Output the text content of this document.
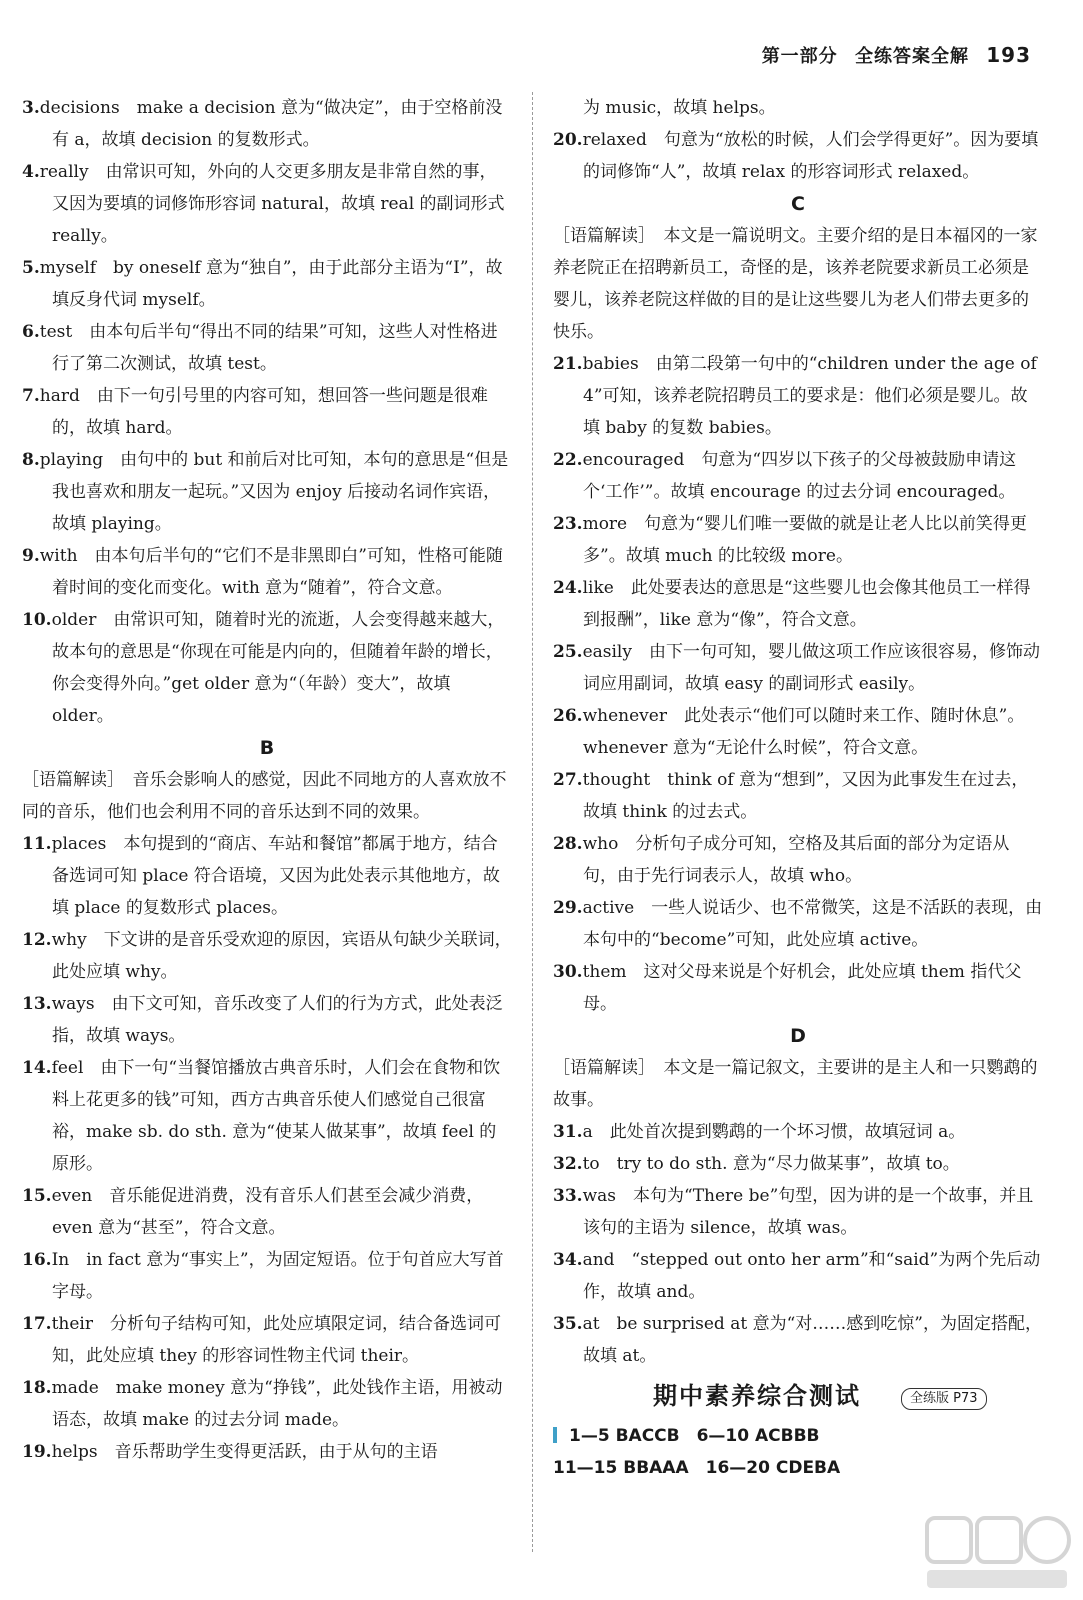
第一部分 全练答案全解 193

3.decisions　 make a decision 意为“做决定”，由于空格前没有 a，故填 decision 的复数形式。

4.really　 由常识可知，外向的人交更多朋友是非常自然的事，又因为要填的词修饰形容词 natural，故填 real 的副词形式 really。

5.myself　 by oneself 意为“独自”，由于此部分主语为“I”，故填反身代词 myself。

6.test　 由本句后半句“得出不同的结果”可知，这些人对性格进行了第二次测试，故填 test。

7.hard　 由下一句引号里的内容可知，想回答一些问题是很难的，故填 hard。

8.playing　 由句中的 but 和前后对比可知，本句的意思是“但是我也喜欢和朋友一起玩。”又因为 enjoy 后接动名词作宾语，故填 playing。

9.with　 由本句后半句的“它们不是非黑即白”可知，性格可能随着时间的变化而变化。with 意为“随着”，符合文意。

10.older　 由常识可知，随着时光的流逝，人会变得越来越大，故本句的意思是“你现在可能是内向的，但随着年龄的增长，你会变得外向。”get older 意为“（年龄）变大”，故填 older。

B

［语篇解读］　音乐会影响人的感觉，因此不同地方的人喜欢放不同的音乐，他们也会利用不同的音乐达到不同的效果。

11.places　 本句提到的“商店、车站和餐馆”都属于地方，结合备选词可知 place 符合语境，又因为此处表示其他地方，故填 place 的复数形式 places。

12.why　 下文讲的是音乐受欢迎的原因，宾语从句缺少关联词，此处应填 why。

13.ways　 由下文可知，音乐改变了人们的行为方式，此处表泛指，故填 ways。

14.feel　 由下一句“当餐馆播放古典音乐时，人们会在食物和饮料上花更多的钱”可知，西方古典音乐使人们感觉自己很富裕，make sb. do sth. 意为“使某人做某事”，故填 feel 的原形。

15.even　 音乐能促进消费，没有音乐人们甚至会减少消费，even 意为“甚至”，符合文意。

16.In　 in fact 意为“事实上”，为固定短语。位于句首应大写首字母。

17.their　 分析句子结构可知，此处应填限定词，结合备选词可知，此处应填 they 的形容词性物主代词 their。

18.made　 make money 意为“挣钱”，此处钱作主语，用被动语态，故填 make 的过去分词 made。

19.helps　 音乐帮助学生变得更活跃，由于从句的主语

为 music，故填 helps。

20.relaxed　 句意为“放松的时候，人们会学得更好”。因为要填的词修饰“人”，故填 relax 的形容词形式 relaxed。

C

［语篇解读］　本文是一篇说明文。主要介绍的是日本福冈的一家养老院正在招聘新员工，奇怪的是，该养老院要求新员工必须是婴儿，该养老院这样做的目的是让这些婴儿为老人们带去更多的快乐。

21.babies　 由第二段第一句中的“children under the age of 4”可知，该养老院招聘员工的要求是：他们必须是婴儿。故填 baby 的复数 babies。

22.encouraged　 句意为“四岁以下孩子的父母被鼓励申请这个‘工作’”。故填 encourage 的过去分词 encouraged。

23.more　 句意为“婴儿们唯一要做的就是让老人比以前笑得更多”。故填 much 的比较级 more。

24.like　 此处要表达的意思是“这些婴儿也会像其他员工一样得到报酬”，like 意为“像”，符合文意。

25.easily　 由下一句可知，婴儿做这项工作应该很容易，修饰动词应用副词，故填 easy 的副词形式 easily。

26.whenever　 此处表示“他们可以随时来工作、随时休息”。whenever 意为“无论什么时候”，符合文意。

27.thought　 think of 意为“想到”，又因为此事发生在过去，故填 think 的过去式。

28.who　 分析句子成分可知，空格及其后面的部分为定语从句，由于先行词表示人，故填 who。

29.active　 一些人说话少、也不常微笑，这是不活跃的表现，由本句中的“become”可知，此处应填 active。

30.them　 这对父母来说是个好机会，此处应填 them 指代父母。

D

［语篇解读］　本文是一篇记叙文，主要讲的是主人和一只鹦鹉的故事。

31.a　 此处首次提到鹦鹉的一个坏习惯，故填冠词 a。

32.to　 try to do sth. 意为“尽力做某事”，故填 to。

33.was　 本句为“There be”句型，因为讲的是一个故事，并且该句的主语为 silence，故填 was。

34.and　 “stepped out onto her arm”和“said”为两个先后动作，故填 and。

35.at　 be surprised at 意为“对……感到吃惊”，为固定搭配，故填 at。

期中素养综合测试	全练版 P73

1—5 BACCB　6—10 ACBBB

11—15 BBAAA　16—20 CDEBA
